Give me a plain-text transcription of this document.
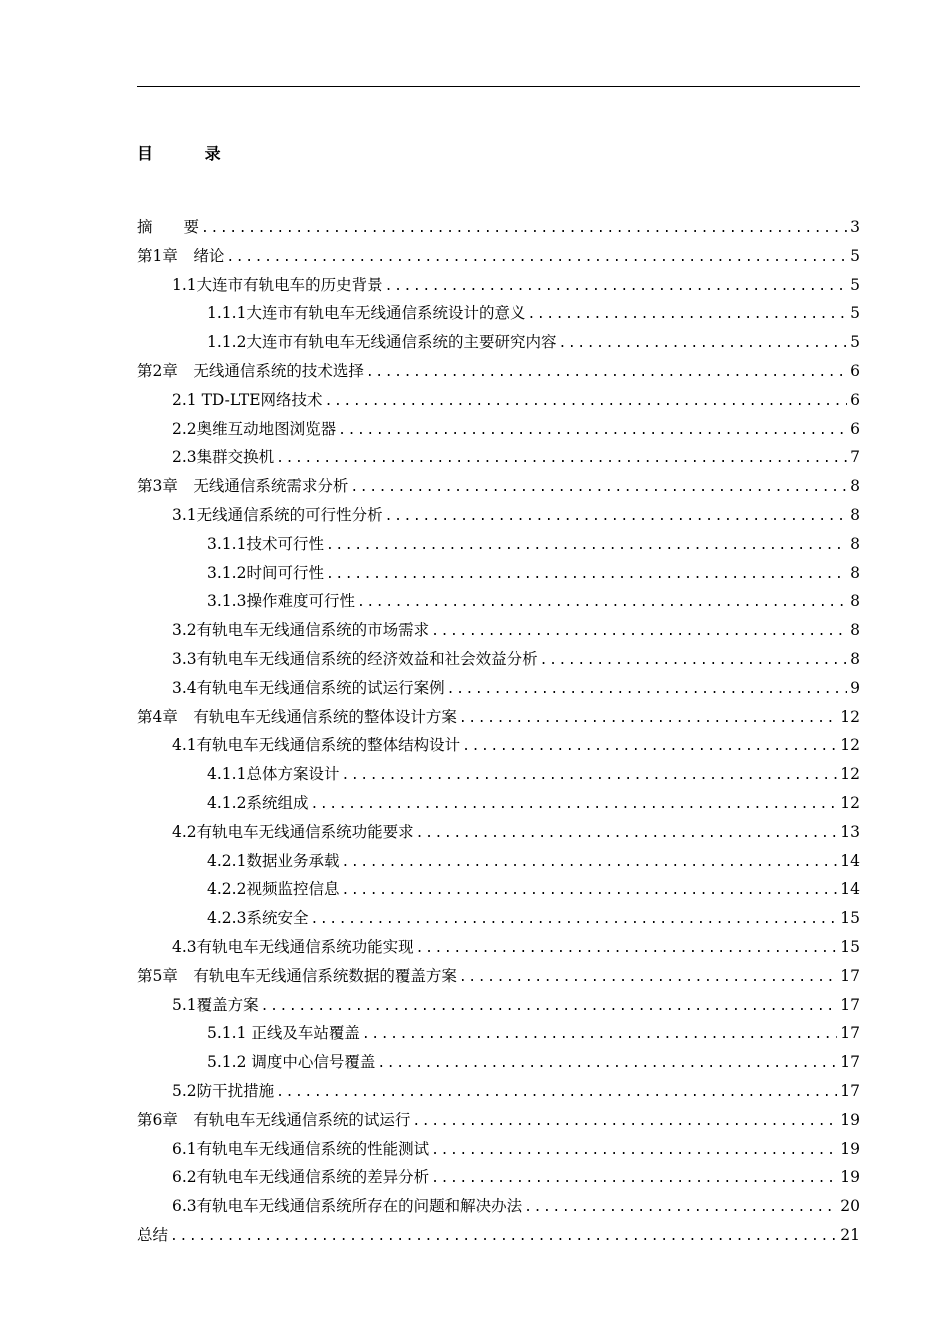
目 录
摘　　要 .....	3
第1章　绪论 .....	5
1.1大连市有轨电车的历史背景 .....	5
1.1.1大连市有轨电车无线通信系统设计的意义 .....	5
1.1.2大连市有轨电车无线通信系统的主要研究内容 .....	5
第2章　无线通信系统的技术选择 .....	6
2.1 TD-LTE网络技术 .....	6
2.2奥维互动地图浏览器 .....	6
2.3集群交换机 .....	7
第3章　无线通信系统需求分析 .....	8
3.1无线通信系统的可行性分析 .....	8
3.1.1技术可行性 .....	8
3.1.2时间可行性 .....	8
3.1.3操作难度可行性 .....	8
3.2有轨电车无线通信系统的市场需求 .....	8
3.3有轨电车无线通信系统的经济效益和社会效益分析 .....	8
3.4有轨电车无线通信系统的试运行案例 .....	9
第4章　有轨电车无线通信系统的整体设计方案 .....	12
4.1有轨电车无线通信系统的整体结构设计 .....	12
4.1.1总体方案设计 .....	12
4.1.2系统组成 .....	12
4.2有轨电车无线通信系统功能要求 .....	13
4.2.1数据业务承载 .....	14
4.2.2视频监控信息 .....	14
4.2.3系统安全 .....	15
4.3有轨电车无线通信系统功能实现 .....	15
第5章　有轨电车无线通信系统数据的覆盖方案 .....	17
5.1覆盖方案 .....	17
5.1.1 正线及车站覆盖 .....	17
5.1.2 调度中心信号覆盖 .....	17
5.2防干扰措施 .....	17
第6章　有轨电车无线通信系统的试运行 .....	19
6.1有轨电车无线通信系统的性能测试 .....	19
6.2有轨电车无线通信系统的差异分析 .....	19
6.3有轨电车无线通信系统所存在的问题和解决办法 .....	20
总结 .....	21
